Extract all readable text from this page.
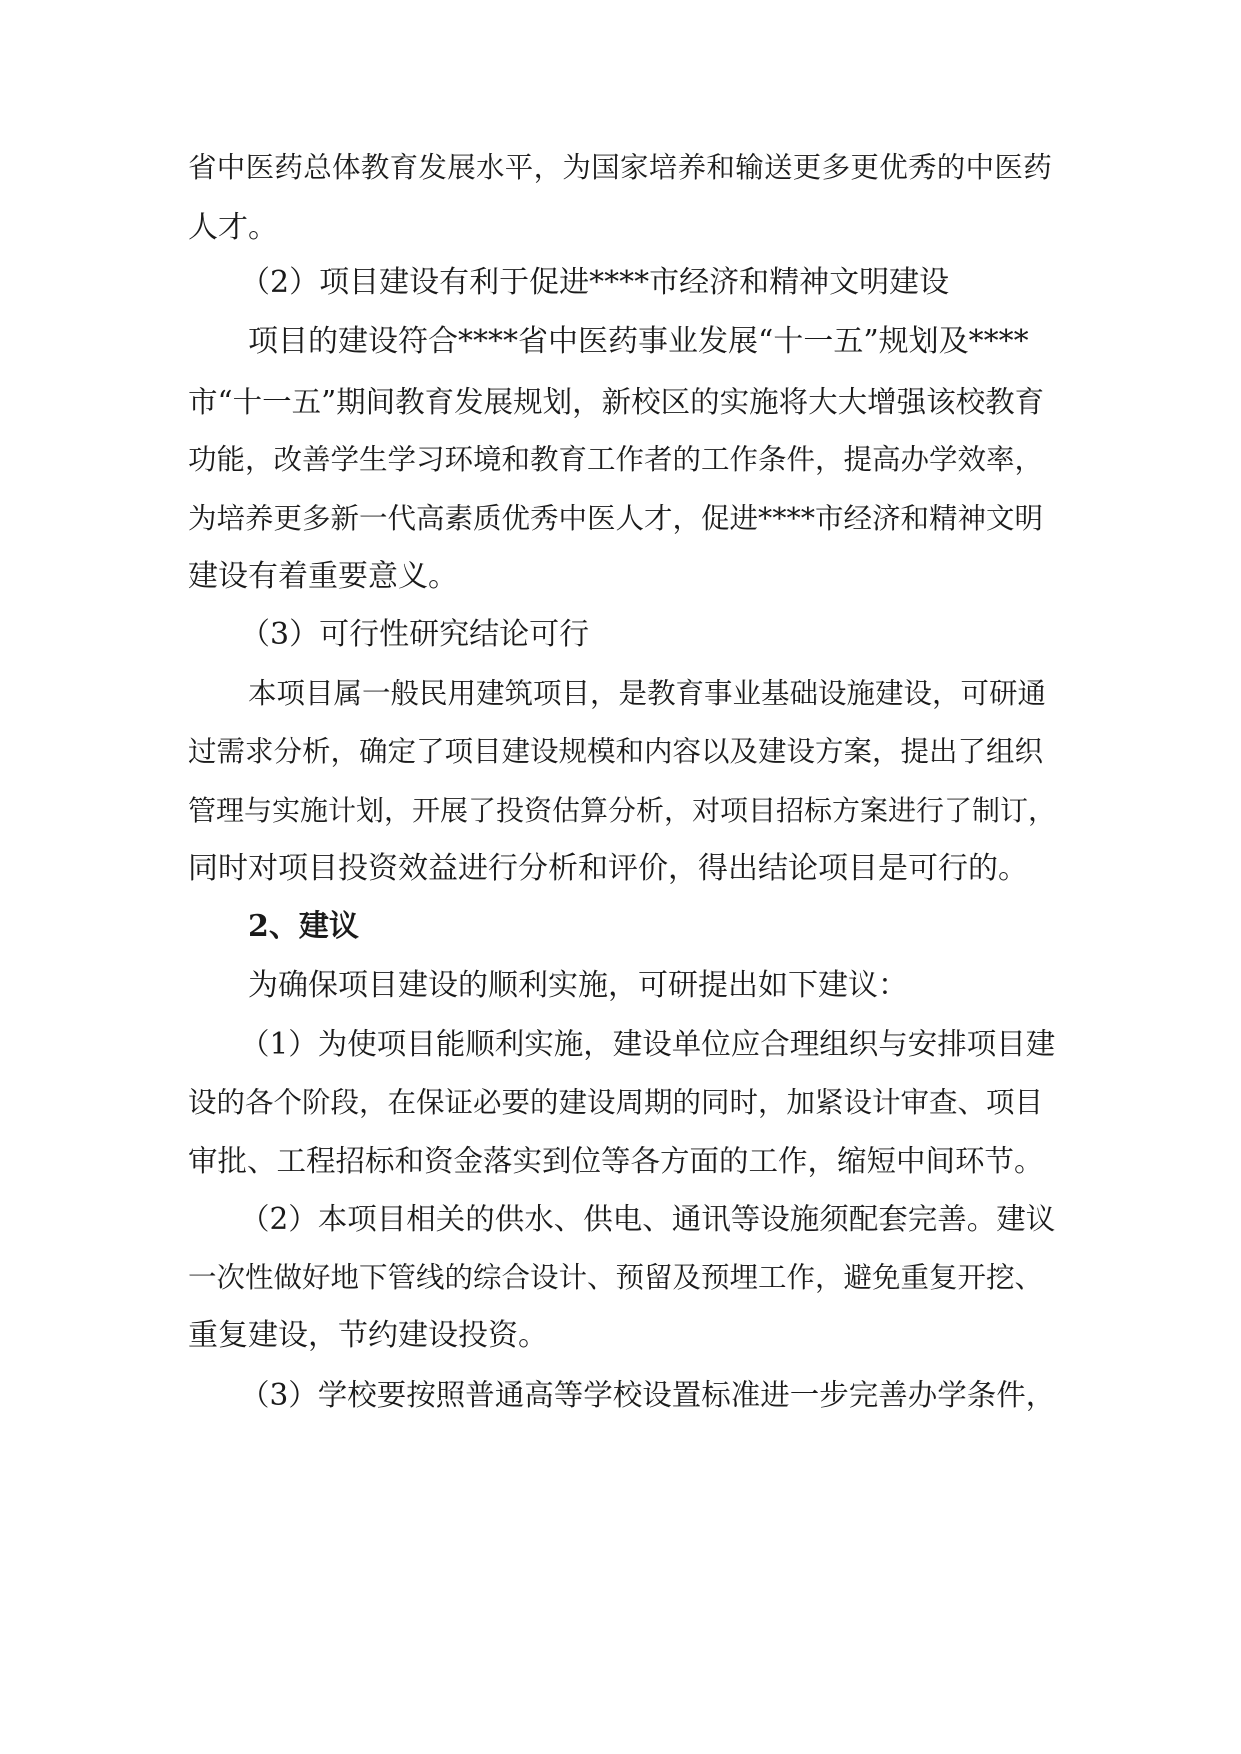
省中医药总体教育发展水平，为国家培养和输送更多更优秀的中医药

人才。

（2）项目建设有利于促进****市经济和精神文明建设

项目的建设符合****省中医药事业发展“十一五”规划及****

市“十一五”期间教育发展规划，新校区的实施将大大增强该校教育

功能，改善学生学习环境和教育工作者的工作条件，提高办学效率，

为培养更多新一代高素质优秀中医人才，促进****市经济和精神文明

建设有着重要意义。

（3）可行性研究结论可行

本项目属一般民用建筑项目，是教育事业基础设施建设，可研通

过需求分析，确定了项目建设规模和内容以及建设方案，提出了组织

管理与实施计划，开展了投资估算分析，对项目招标方案进行了制订，

同时对项目投资效益进行分析和评价，得出结论项目是可行的。

2、建议

为确保项目建设的顺利实施，可研提出如下建议：

（1）为使项目能顺利实施，建设单位应合理组织与安排项目建

设的各个阶段，在保证必要的建设周期的同时，加紧设计审查、项目

审批、工程招标和资金落实到位等各方面的工作，缩短中间环节。

（2）本项目相关的供水、供电、通讯等设施须配套完善。建议

一次性做好地下管线的综合设计、预留及预埋工作，避免重复开挖、

重复建设，节约建设投资。

（3）学校要按照普通高等学校设置标准进一步完善办学条件，
